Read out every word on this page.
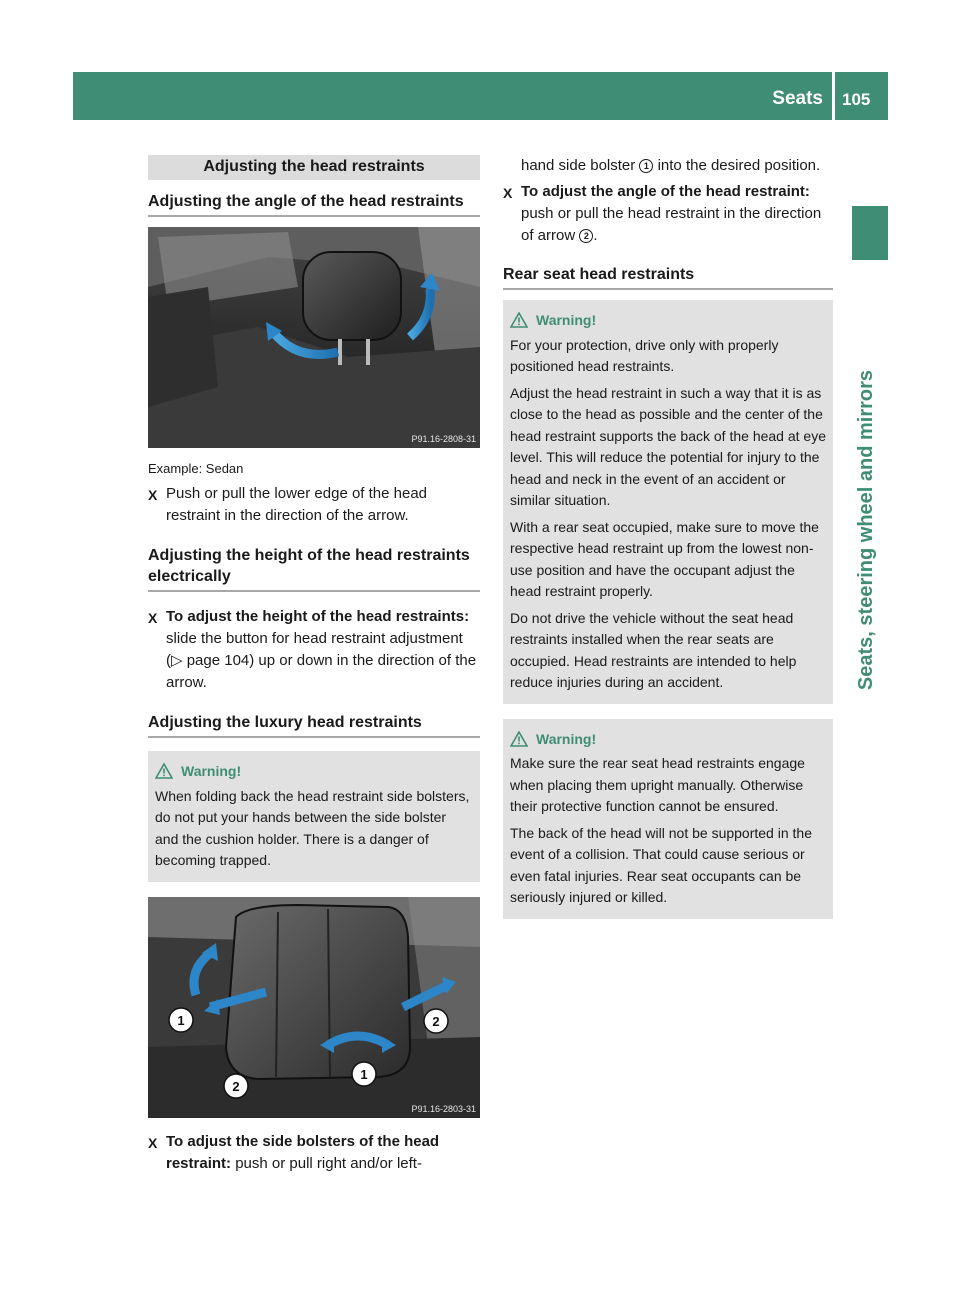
Seats 105
Seats, steering wheel and mirrors
Adjusting the head restraints
Adjusting the angle of the head restraints
P91.16-2808-31
Example: Sedan
X Push or pull the lower edge of the head restraint in the direction of the arrow.
Adjusting the height of the head restraints electrically
X To adjust the height of the head restraints: slide the button for head restraint adjustment (▷ page 104) up or down in the direction of the arrow.
Adjusting the luxury head restraints
Warning!

When folding back the head restraint side bolsters, do not put your hands between the side bolster and the cushion holder. There is a danger of becoming trapped.

1	2
2
1
P91.16-2803-31
X To adjust the side bolsters of the head restraint: push or pull right and/or left-
hand side bolster 1 into the desired position.
X To adjust the angle of the head restraint: push or pull the head restraint in the direction of arrow 2 .
Rear seat head restraints
Warning!

For your protection, drive only with properly positioned head restraints.

Adjust the head restraint in such a way that it is as close to the head as possible and the center of the head restraint supports the back of the head at eye level. This will reduce the potential for injury to the head and neck in the event of an accident or similar situation.

With a rear seat occupied, make sure to move the respective head restraint up from the lowest non-use position and have the occupant adjust the head restraint properly.

Do not drive the vehicle without the seat head restraints installed when the rear seats are occupied. Head restraints are intended to help reduce injuries during an accident.

Warning!

Make sure the rear seat head restraints engage when placing them upright manually. Otherwise their protective function cannot be ensured.

The back of the head will not be supported in the event of a collision. That could cause serious or even fatal injuries. Rear seat occupants can be seriously injured or killed.
